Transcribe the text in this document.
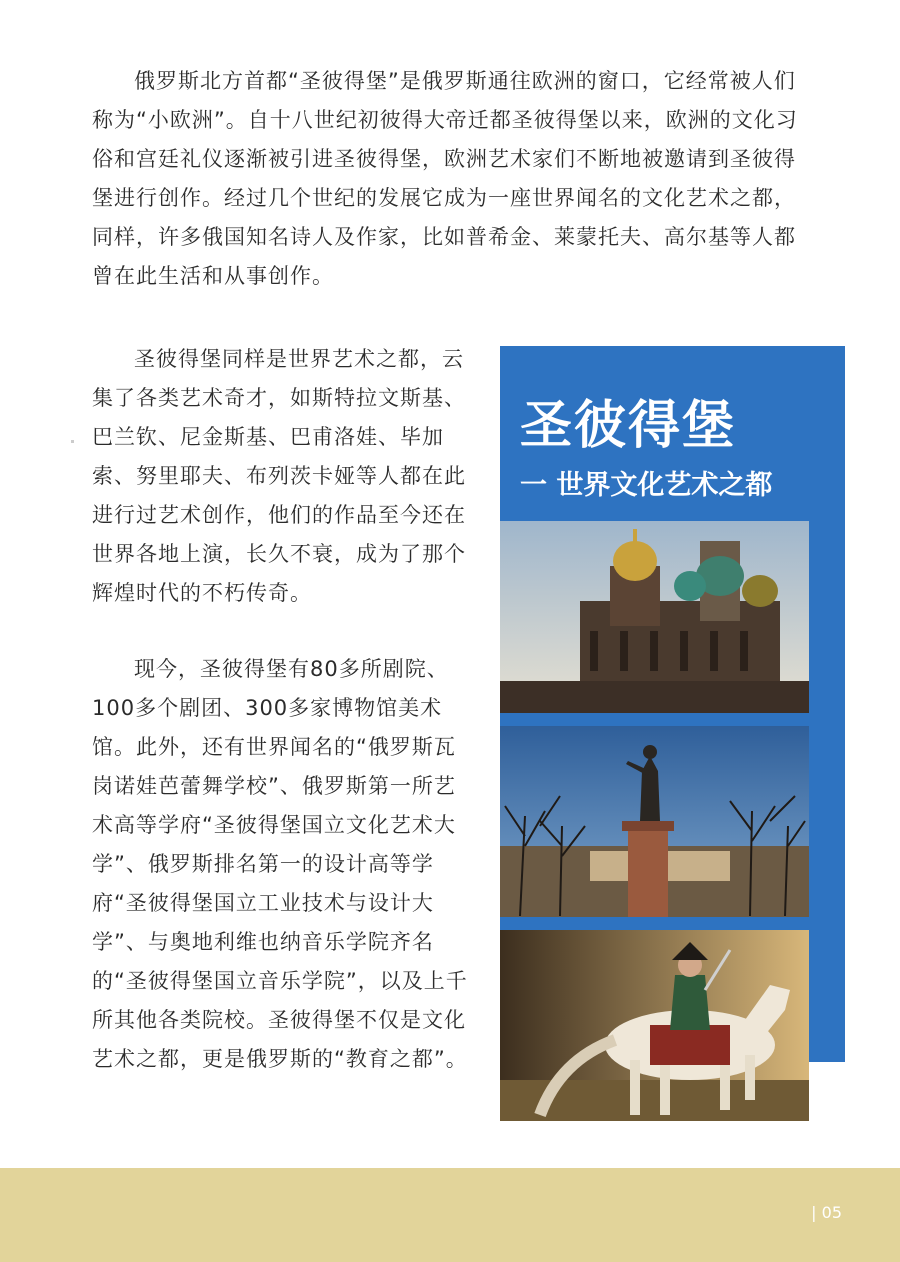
俄罗斯北方首都“圣彼得堡”是俄罗斯通往欧洲的窗口，它经常被人们称为“小欧洲”。自十八世纪初彼得大帝迁都圣彼得堡以来，欧洲的文化习俗和宫廷礼仪逐渐被引进圣彼得堡，欧洲艺术家们不断地被邀请到圣彼得堡进行创作。经过几个世纪的发展它成为一座世界闻名的文化艺术之都，同样，许多俄国知名诗人及作家，比如普希金、莱蒙托夫、高尔基等人都曾在此生活和从事创作。

圣彼得堡同样是世界艺术之都，云集了各类艺术奇才，如斯特拉文斯基、巴兰钦、尼金斯基、巴甫洛娃、毕加索、努里耶夫、布列茨卡娅等人都在此进行过艺术创作，他们的作品至今还在世界各地上演，长久不衰，成为了那个辉煌时代的不朽传奇。

现今，圣彼得堡有80多所剧院、100多个剧团、300多家博物馆美术馆。此外，还有世界闻名的“俄罗斯瓦岗诺娃芭蕾舞学校”、俄罗斯第一所艺术高等学府“圣彼得堡国立文化艺术大学”、俄罗斯排名第一的设计高等学府“圣彼得堡国立工业技术与设计大学”、与奥地利维也纳音乐学院齐名的“圣彼得堡国立音乐学院”，以及上千所其他各类院校。圣彼得堡不仅是文化艺术之都，更是俄罗斯的“教育之都”。

圣彼得堡
一 世界文化艺术之都
| 05
